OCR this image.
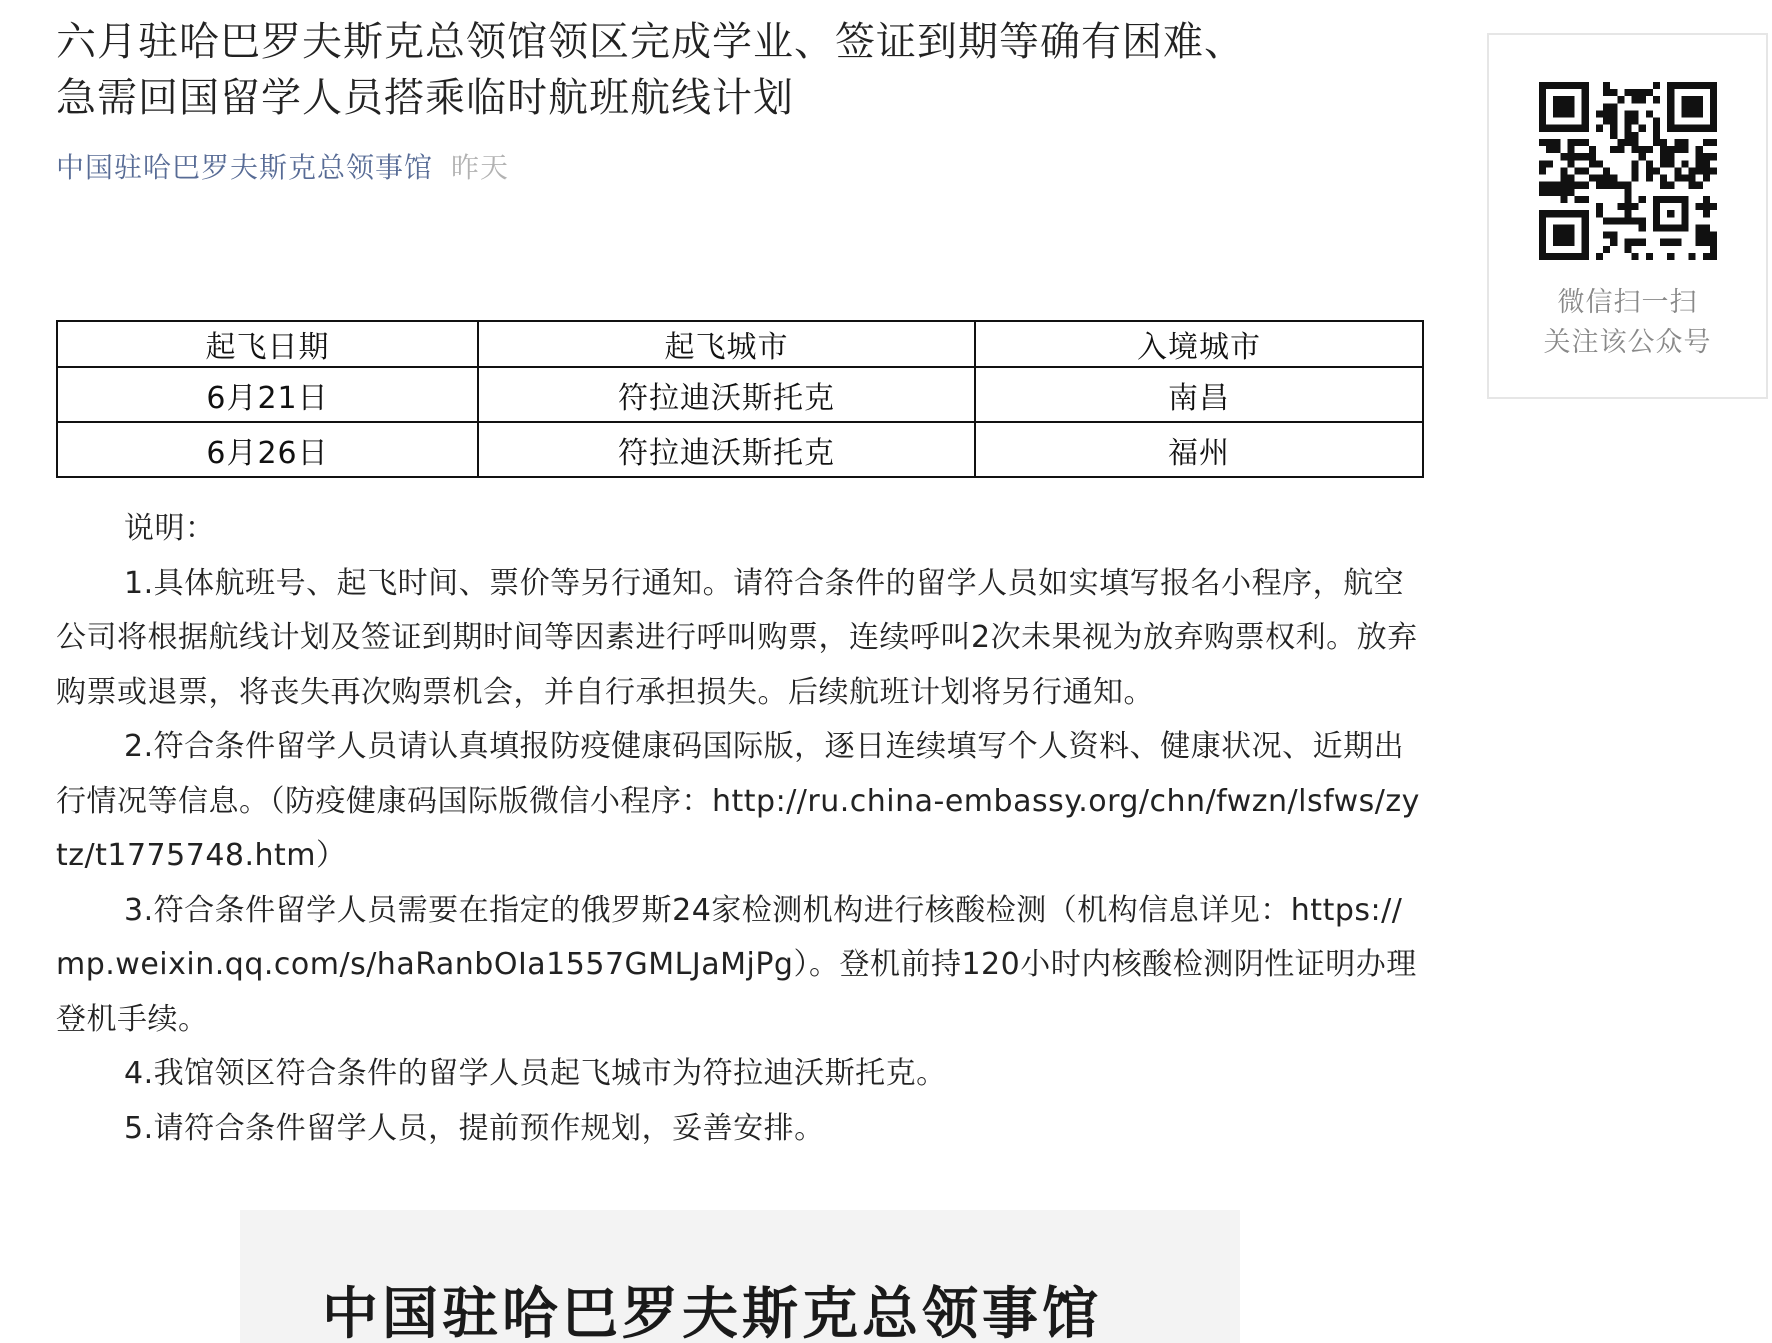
六月驻哈巴罗夫斯克总领馆领区完成学业、签证到期等确有困难、
急需回国留学人员搭乘临时航班航线计划
中国驻哈巴罗夫斯克总领事馆 昨天
起飞日期	起飞城市	入境城市
6月21日	符拉迪沃斯托克	南昌
6月26日	符拉迪沃斯托克	福州

说明：

1.具体航班号、起飞时间、票价等另行通知。请符合条件的留学人员如实填写报名小程序，航空公司将根据航线计划及签证到期时间等因素进行呼叫购票，连续呼叫2次未果视为放弃购票权利。放弃购票或退票，将丧失再次购票机会，并自行承担损失。后续航班计划将另行通知。

2.符合条件留学人员请认真填报防疫健康码国际版，逐日连续填写个人资料、健康状况、近期出行情况等信息。（防疫健康码国际版微信小程序：http://ru.china-embassy.org/chn/fwzn/lsfws/zytz/t1775748.htm）

3.符合条件留学人员需要在指定的俄罗斯24家检测机构进行核酸检测（机构信息详见：https://mp.weixin.qq.com/s/haRanbOIa1557GMLJaMjPg）。登机前持120小时内核酸检测阴性证明办理登机手续。

4.我馆领区符合条件的留学人员起飞城市为符拉迪沃斯托克。

5.请符合条件留学人员，提前预作规划，妥善安排。

中国驻哈巴罗夫斯克总领事馆
微信扫一扫
关注该公众号
